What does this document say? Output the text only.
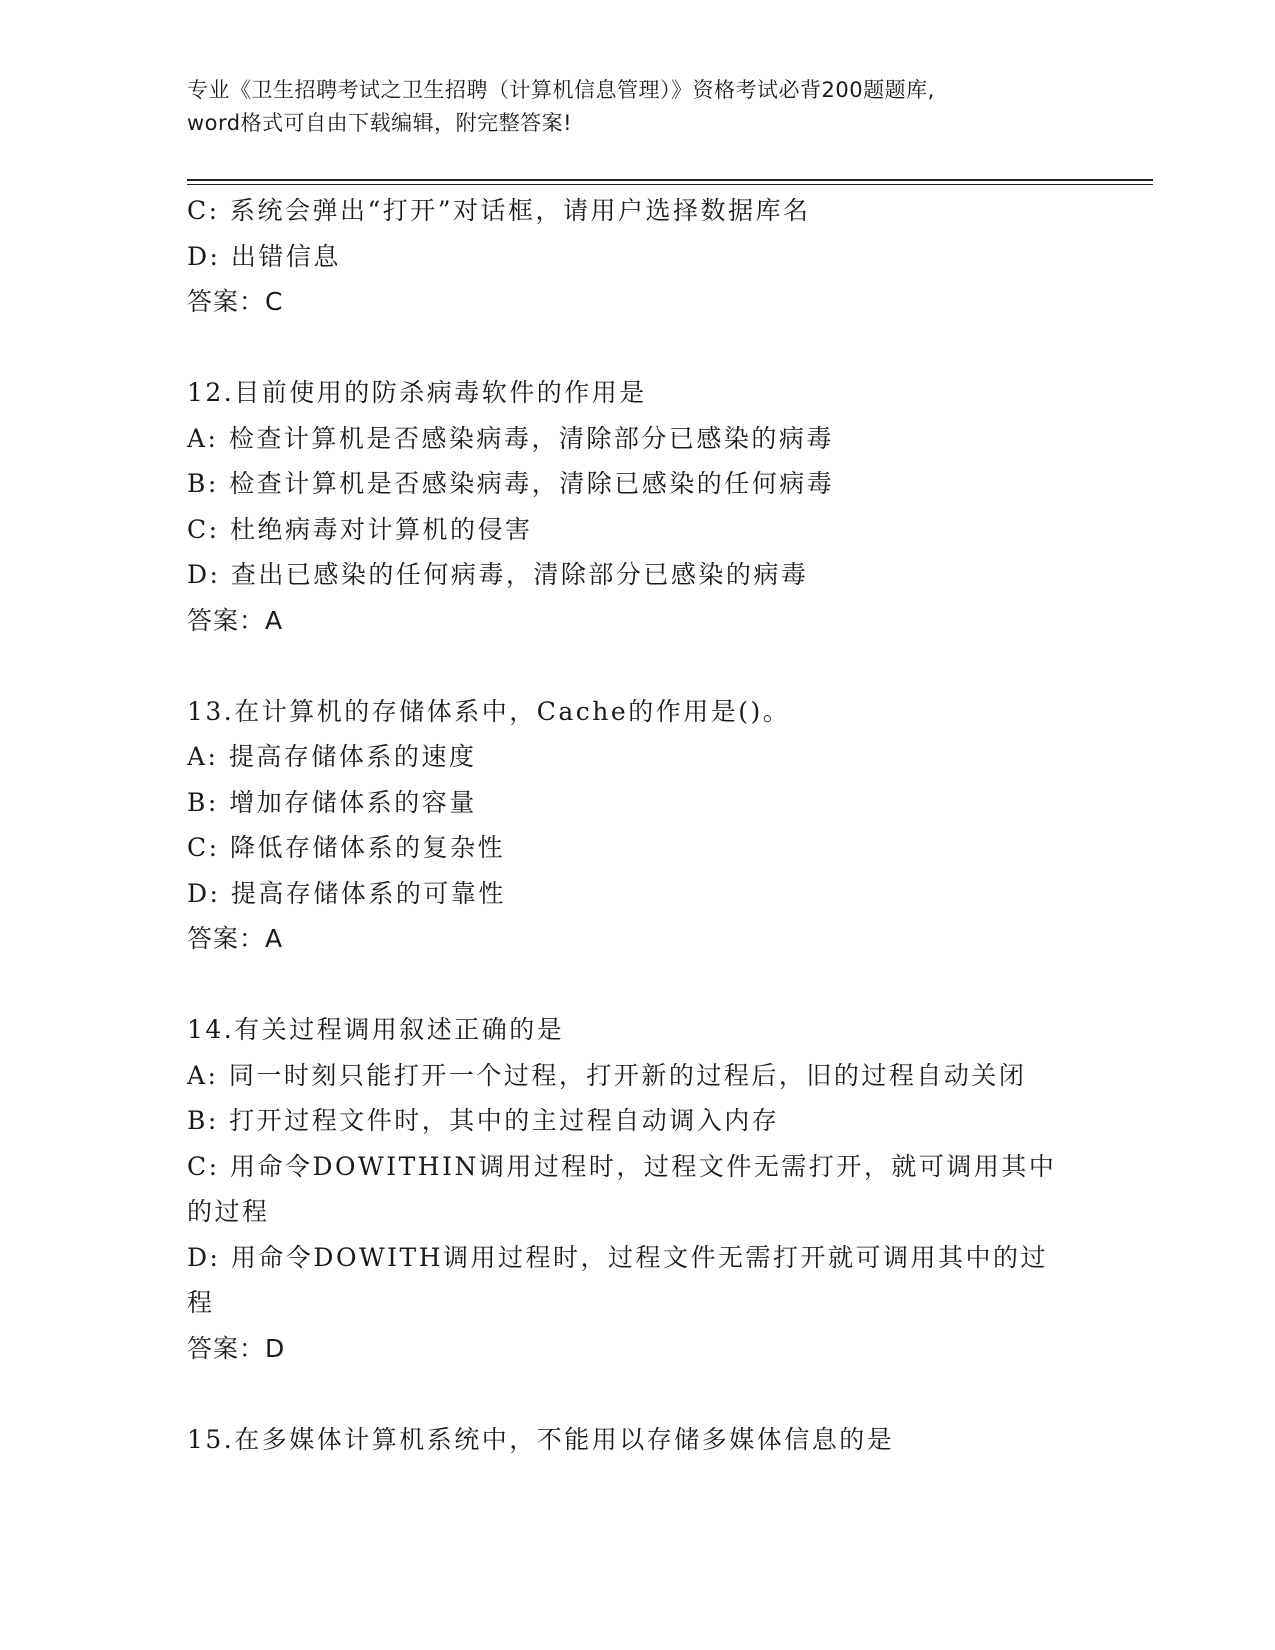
专业《卫生招聘考试之卫生招聘（计算机信息管理）》资格考试必背200题题库,
word格式可自由下载编辑，附完整答案!
C: 系统会弹出“打开”对话框，请用户选择数据库名
D: 出错信息
答案：C
12.目前使用的防杀病毒软件的作用是
A: 检查计算机是否感染病毒，清除部分已感染的病毒
B: 检查计算机是否感染病毒，清除已感染的任何病毒
C: 杜绝病毒对计算机的侵害
D: 查出已感染的任何病毒，清除部分已感染的病毒
答案：A
13.在计算机的存储体系中，Cache的作用是()。
A: 提高存储体系的速度
B: 增加存储体系的容量
C: 降低存储体系的复杂性
D: 提高存储体系的可靠性
答案：A
14.有关过程调用叙述正确的是
A: 同一时刻只能打开一个过程，打开新的过程后，旧的过程自动关闭
B: 打开过程文件时，其中的主过程自动调入内存
C: 用命令DOWITHIN调用过程时，过程文件无需打开，就可调用其中
的过程
D: 用命令DOWITH调用过程时，过程文件无需打开就可调用其中的过
程
答案：D
15.在多媒体计算机系统中，不能用以存储多媒体信息的是
